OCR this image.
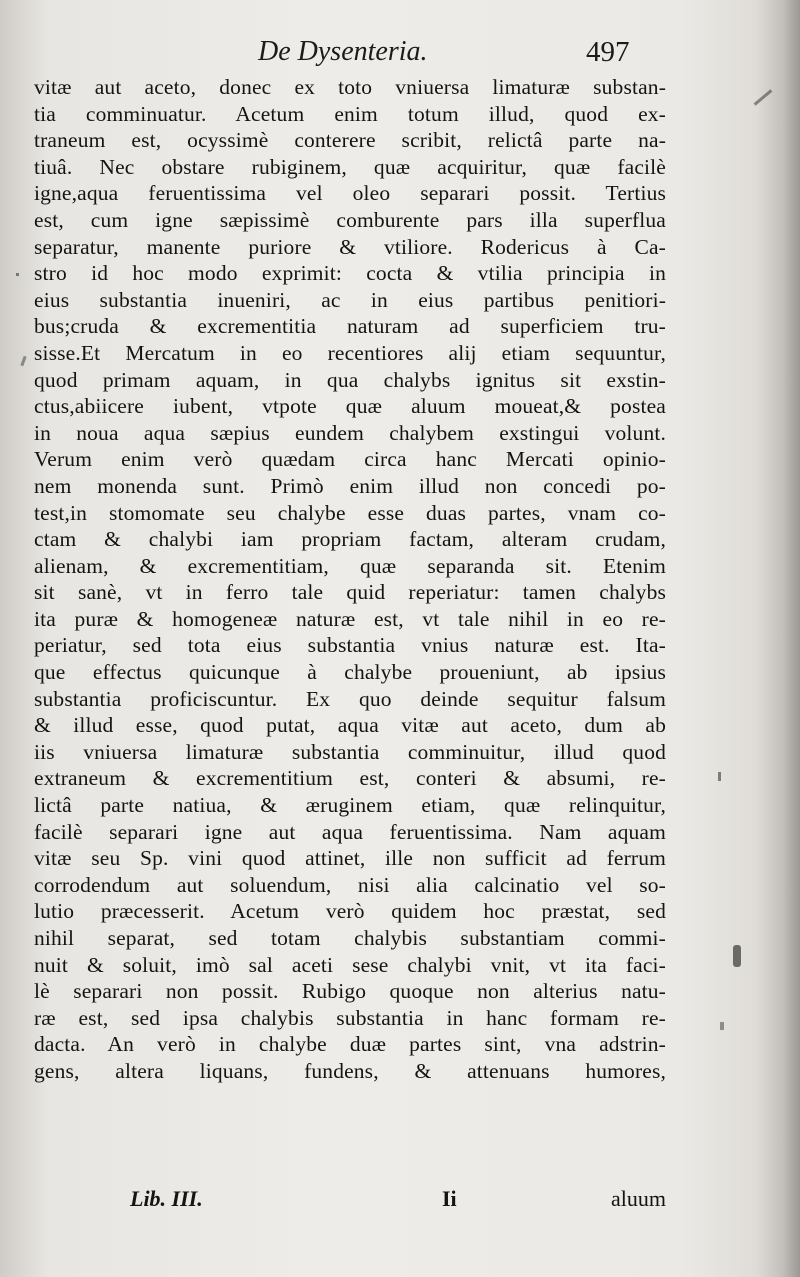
De Dysenteria.	497
vitæ aut aceto, donec ex toto vniuersa limaturæ substan-
tia comminuatur. Acetum enim totum illud, quod ex-
traneum est, ocyssimè conterere scribit, relictâ parte na-
tiuâ. Nec obstare rubiginem, quæ acquiritur, quæ facilè
igne,aqua feruentissima vel oleo separari possit. Tertius
est, cum igne sæpissimè comburente pars illa superflua
separatur, manente puriore & vtiliore. Rodericus à Ca-
stro id hoc modo exprimit: cocta & vtilia principia in
eius substantia inueniri, ac in eius partibus penitiori-
bus;cruda & excrementitia naturam ad superficiem tru-
sisse.Et Mercatum in eo recentiores alij etiam sequuntur,
quod primam aquam, in qua chalybs ignitus sit exstin-
ctus,abiicere iubent, vtpote quæ aluum moueat,& postea
in noua aqua sæpius eundem chalybem exstingui volunt.
Verum enim verò quædam circa hanc Mercati opinio-
nem monenda sunt. Primò enim illud non concedi po-
test,in stomomate seu chalybe esse duas partes, vnam co-
ctam & chalybi iam propriam factam, alteram crudam,
alienam, & excrementitiam, quæ separanda sit. Etenim
sit sanè, vt in ferro tale quid reperiatur: tamen chalybs
ita puræ & homogeneæ naturæ est, vt tale nihil in eo re-
periatur, sed tota eius substantia vnius naturæ est. Ita-
que effectus quicunque à chalybe proueniunt, ab ipsius
substantia proficiscuntur. Ex quo deinde sequitur falsum
& illud esse, quod putat, aqua vitæ aut aceto, dum ab
iis vniuersa limaturæ substantia comminuitur, illud quod
extraneum & excrementitium est, conteri & absumi, re-
lictâ parte natiua, & æruginem etiam, quæ relinquitur,
facilè separari igne aut aqua feruentissima. Nam aquam
vitæ seu Sp. vini quod attinet, ille non sufficit ad ferrum
corrodendum aut soluendum, nisi alia calcinatio vel so-
lutio præcesserit. Acetum verò quidem hoc præstat, sed
nihil separat, sed totam chalybis substantiam commi-
nuit & soluit, imò sal aceti sese chalybi vnit, vt ita faci-
lè separari non possit. Rubigo quoque non alterius natu-
ræ est, sed ipsa chalybis substantia in hanc formam re-
dacta. An verò in chalybe duæ partes sint, vna adstrin-
gens, altera liquans, fundens, & attenuans humores,
Lib. III.	Ii	aluum
